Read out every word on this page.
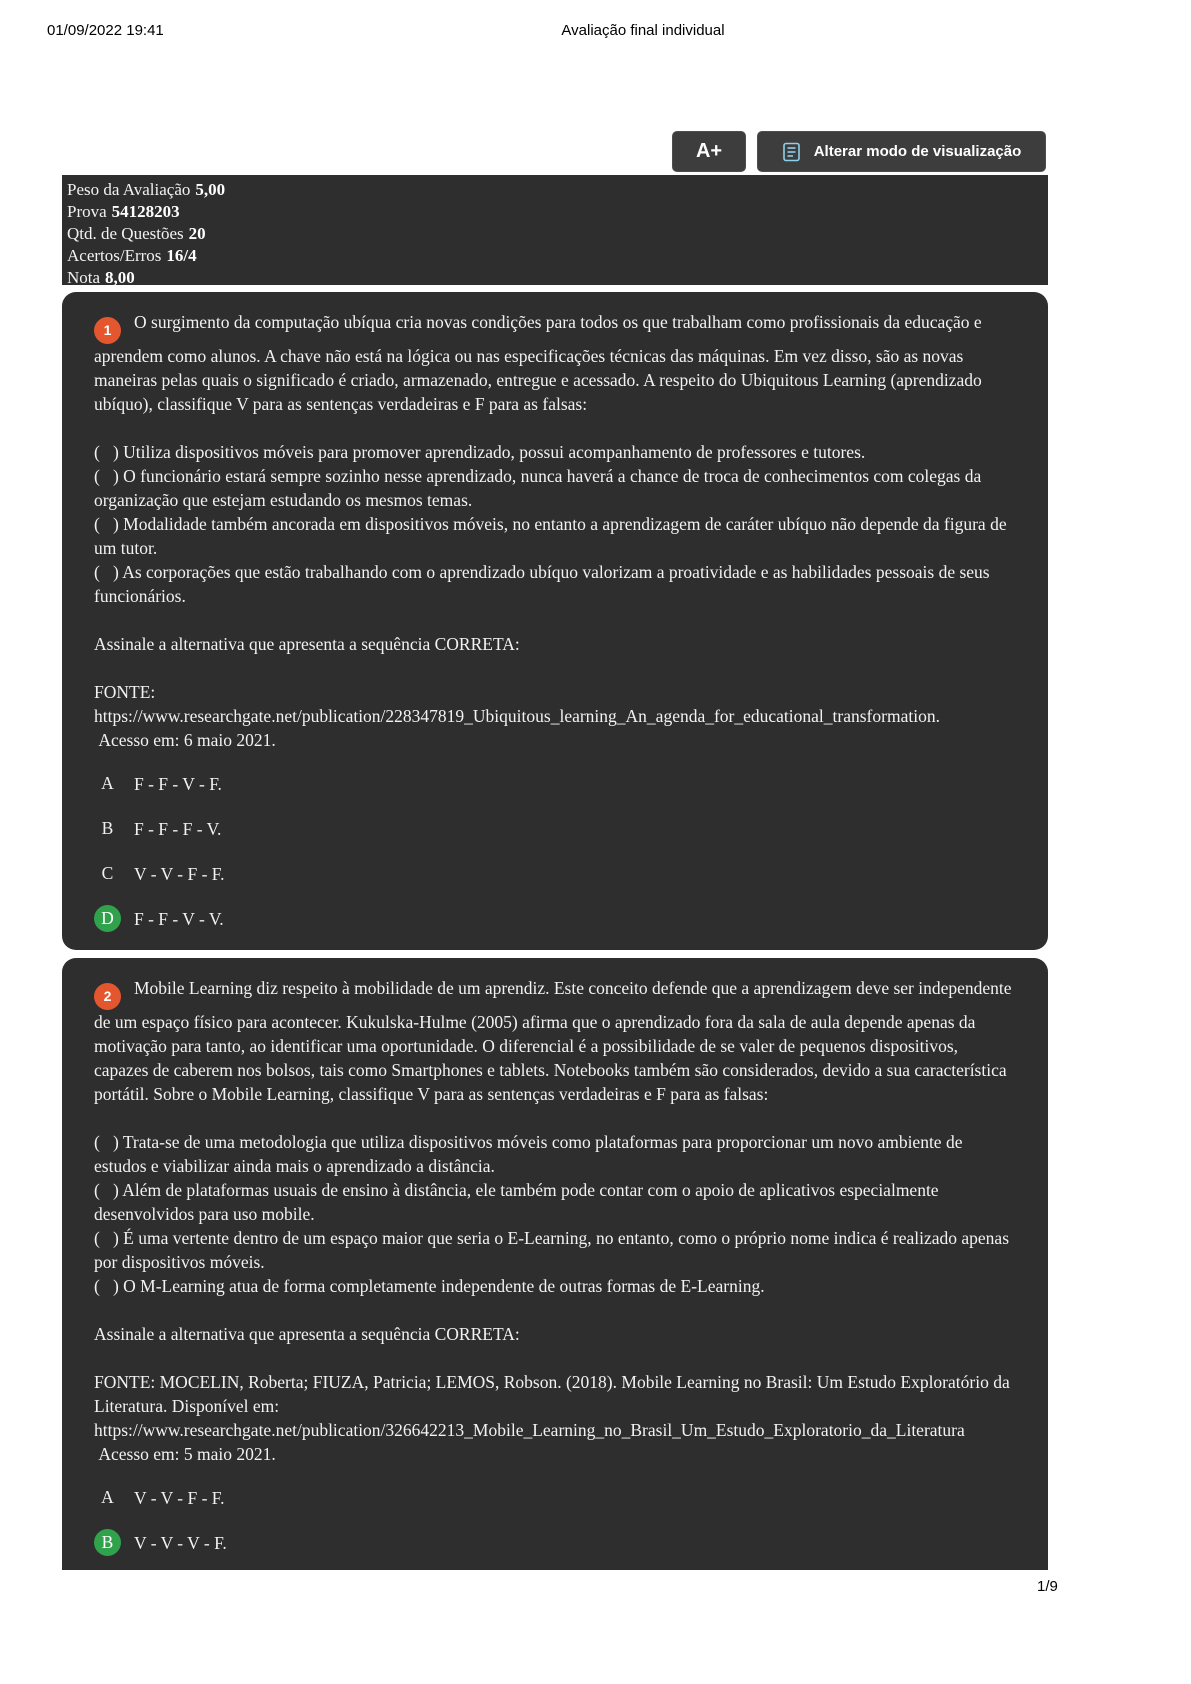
01/09/2022 19:41	Avaliação final individual
A+	Alterar modo de visualização
Peso da Avaliação 5,00
Prova 54128203
Qtd. de Questões 20
Acertos/Erros 16/4
Nota 8,00

1 O surgimento da computação ubíqua cria novas condições para todos os que trabalham como profissionais da educação e aprendem como alunos. A chave não está na lógica ou nas especificações técnicas das máquinas. Em vez disso, são as novas maneiras pelas quais o significado é criado, armazenado, entregue e acessado. A respeito do Ubiquitous Learning (aprendizado ubíquo), classifique V para as sentenças verdadeiras e F para as falsas:

(   ) Utiliza dispositivos móveis para promover aprendizado, possui acompanhamento de professores e tutores.
(   ) O funcionário estará sempre sozinho nesse aprendizado, nunca haverá a chance de troca de conhecimentos com colegas da organização que estejam estudando os mesmos temas.
(   ) Modalidade também ancorada em dispositivos móveis, no entanto a aprendizagem de caráter ubíquo não depende da figura de um tutor.
(   ) As corporações que estão trabalhando com o aprendizado ubíquo valorizam a proatividade e as habilidades pessoais de seus funcionários.
Assinale a alternativa que apresenta a sequência CORRETA:
FONTE:
https://www.researchgate.net/publication/228347819_Ubiquitous_learning_An_agenda_for_educational_transformation.
Acesso em: 6 maio 2021.
A	F - F - V - F.
B	F - F - F - V.
C	V - V - F - F.
D	F - F - V - V.

2 Mobile Learning diz respeito à mobilidade de um aprendiz. Este conceito defende que a aprendizagem deve ser independente de um espaço físico para acontecer. Kukulska-Hulme (2005) afirma que o aprendizado fora da sala de aula depende apenas da motivação para tanto, ao identificar uma oportunidade. O diferencial é a possibilidade de se valer de pequenos dispositivos, capazes de caberem nos bolsos, tais como Smartphones e tablets. Notebooks também são considerados, devido a sua característica portátil. Sobre o Mobile Learning, classifique V para as sentenças verdadeiras e F para as falsas:

(   ) Trata-se de uma metodologia que utiliza dispositivos móveis como plataformas para proporcionar um novo ambiente de estudos e viabilizar ainda mais o aprendizado a distância.
(   ) Além de plataformas usuais de ensino à distância, ele também pode contar com o apoio de aplicativos especialmente desenvolvidos para uso mobile.
(   ) É uma vertente dentro de um espaço maior que seria o E-Learning, no entanto, como o próprio nome indica é realizado apenas por dispositivos móveis.
(   ) O M-Learning atua de forma completamente independente de outras formas de E-Learning.
Assinale a alternativa que apresenta a sequência CORRETA:
FONTE: MOCELIN, Roberta; FIUZA, Patricia; LEMOS, Robson. (2018). Mobile Learning no Brasil: Um Estudo Exploratório da Literatura. Disponível em:
https://www.researchgate.net/publication/326642213_Mobile_Learning_no_Brasil_Um_Estudo_Exploratorio_da_Literatura
Acesso em: 5 maio 2021.
A	V - V - F - F.
B	V - V - V - F.
1/9
